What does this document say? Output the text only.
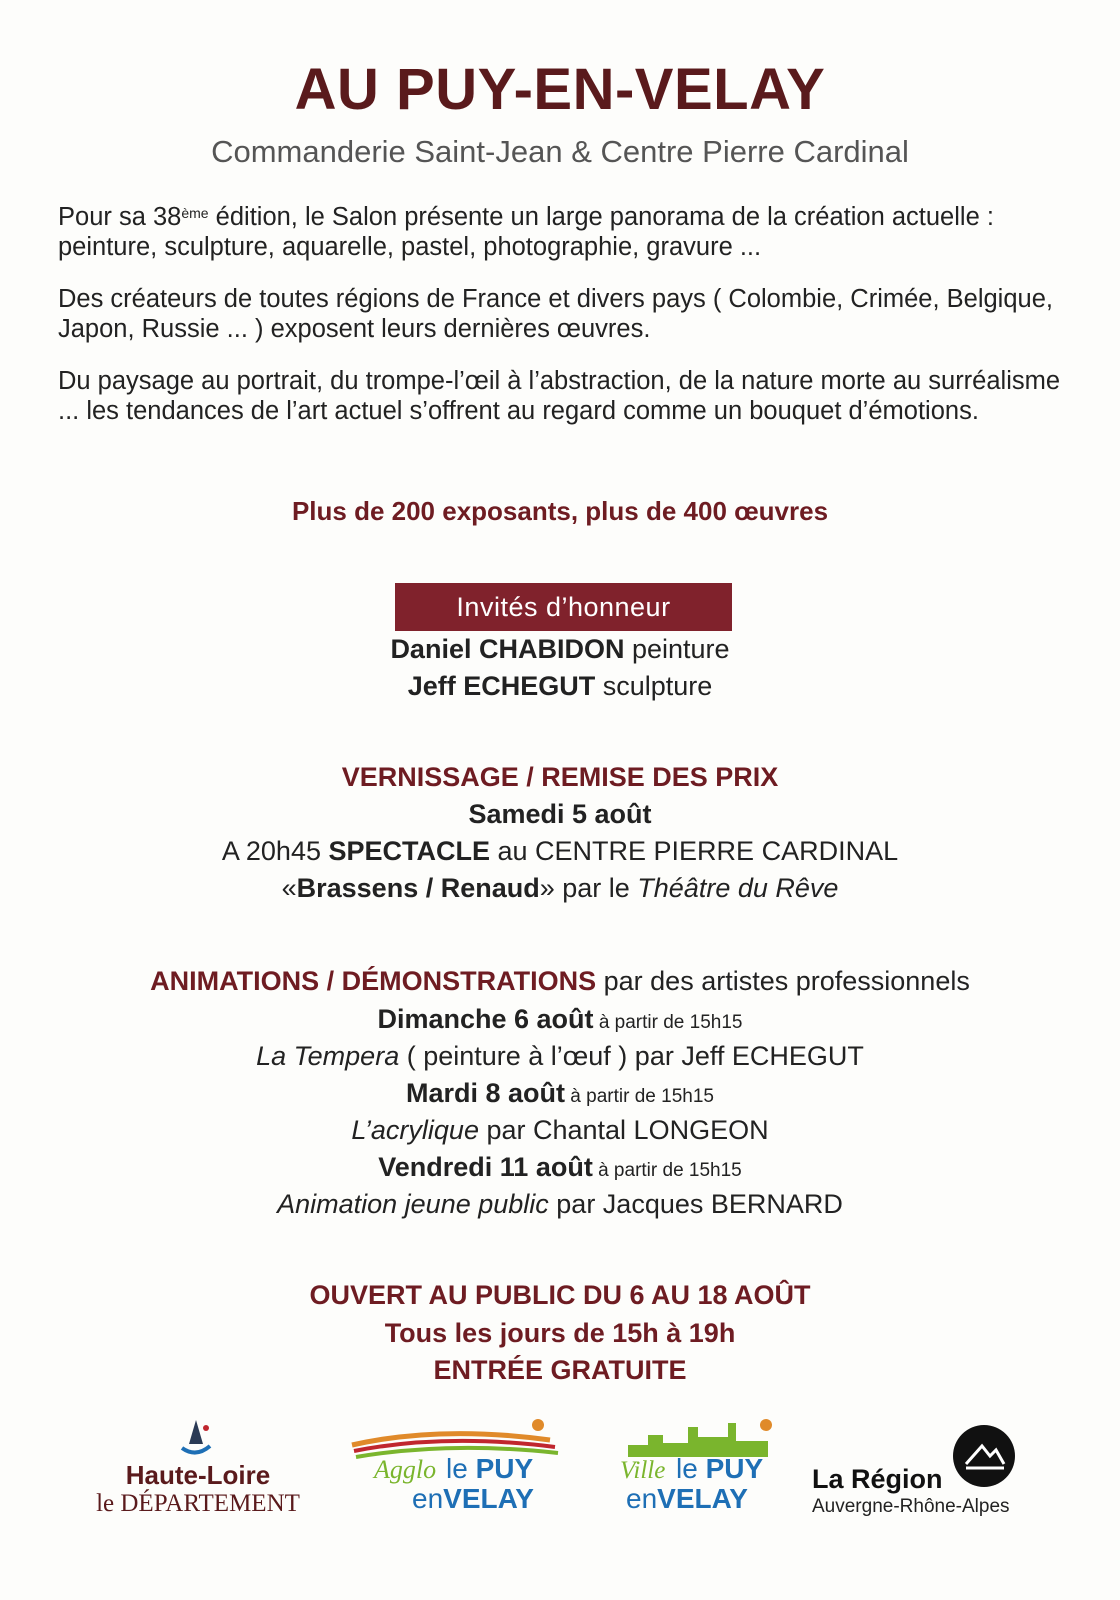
AU PUY-EN-VELAY
Commanderie Saint-Jean & Centre Pierre Cardinal
Pour sa 38ème édition, le Salon présente un large panorama de la création actuelle : peinture, sculpture, aquarelle, pastel, photographie, gravure ...
Des créateurs de toutes régions de France et divers pays ( Colombie, Crimée, Belgique, Japon, Russie ... ) exposent leurs dernières œuvres.
Du paysage au portrait, du trompe-l’œil à l’abstraction, de la nature morte au surréalisme ... les tendances de l’art actuel s’offrent au regard comme un bouquet d’émotions.
Plus de 200 exposants, plus de 400 œuvres
Invités d’honneur
Daniel CHABIDON peinture
Jeff ECHEGUT sculpture
VERNISSAGE / REMISE DES PRIX
Samedi 5 août
A 20h45 SPECTACLE au CENTRE PIERRE CARDINAL
«Brassens / Renaud» par le Théâtre du Rêve
ANIMATIONS / DÉMONSTRATIONS par des artistes professionnels
Dimanche 6 août à partir de 15h15
La Tempera ( peinture à l’œuf ) par Jeff ECHEGUT
Mardi 8 août à partir de 15h15
L’acrylique par Chantal LONGEON
Vendredi 11 août à partir de 15h15
Animation jeune public par Jacques BERNARD
OUVERT AU PUBLIC DU 6 AU 18 AOÛT
Tous les jours de 15h à 19h
ENTRÉE GRATUITE
Haute-Loire
le DÉPARTEMENT
Agglo le PUY
enVELAY
Ville le PUY
enVELAY
La Région
Auvergne-Rhône-Alpes
